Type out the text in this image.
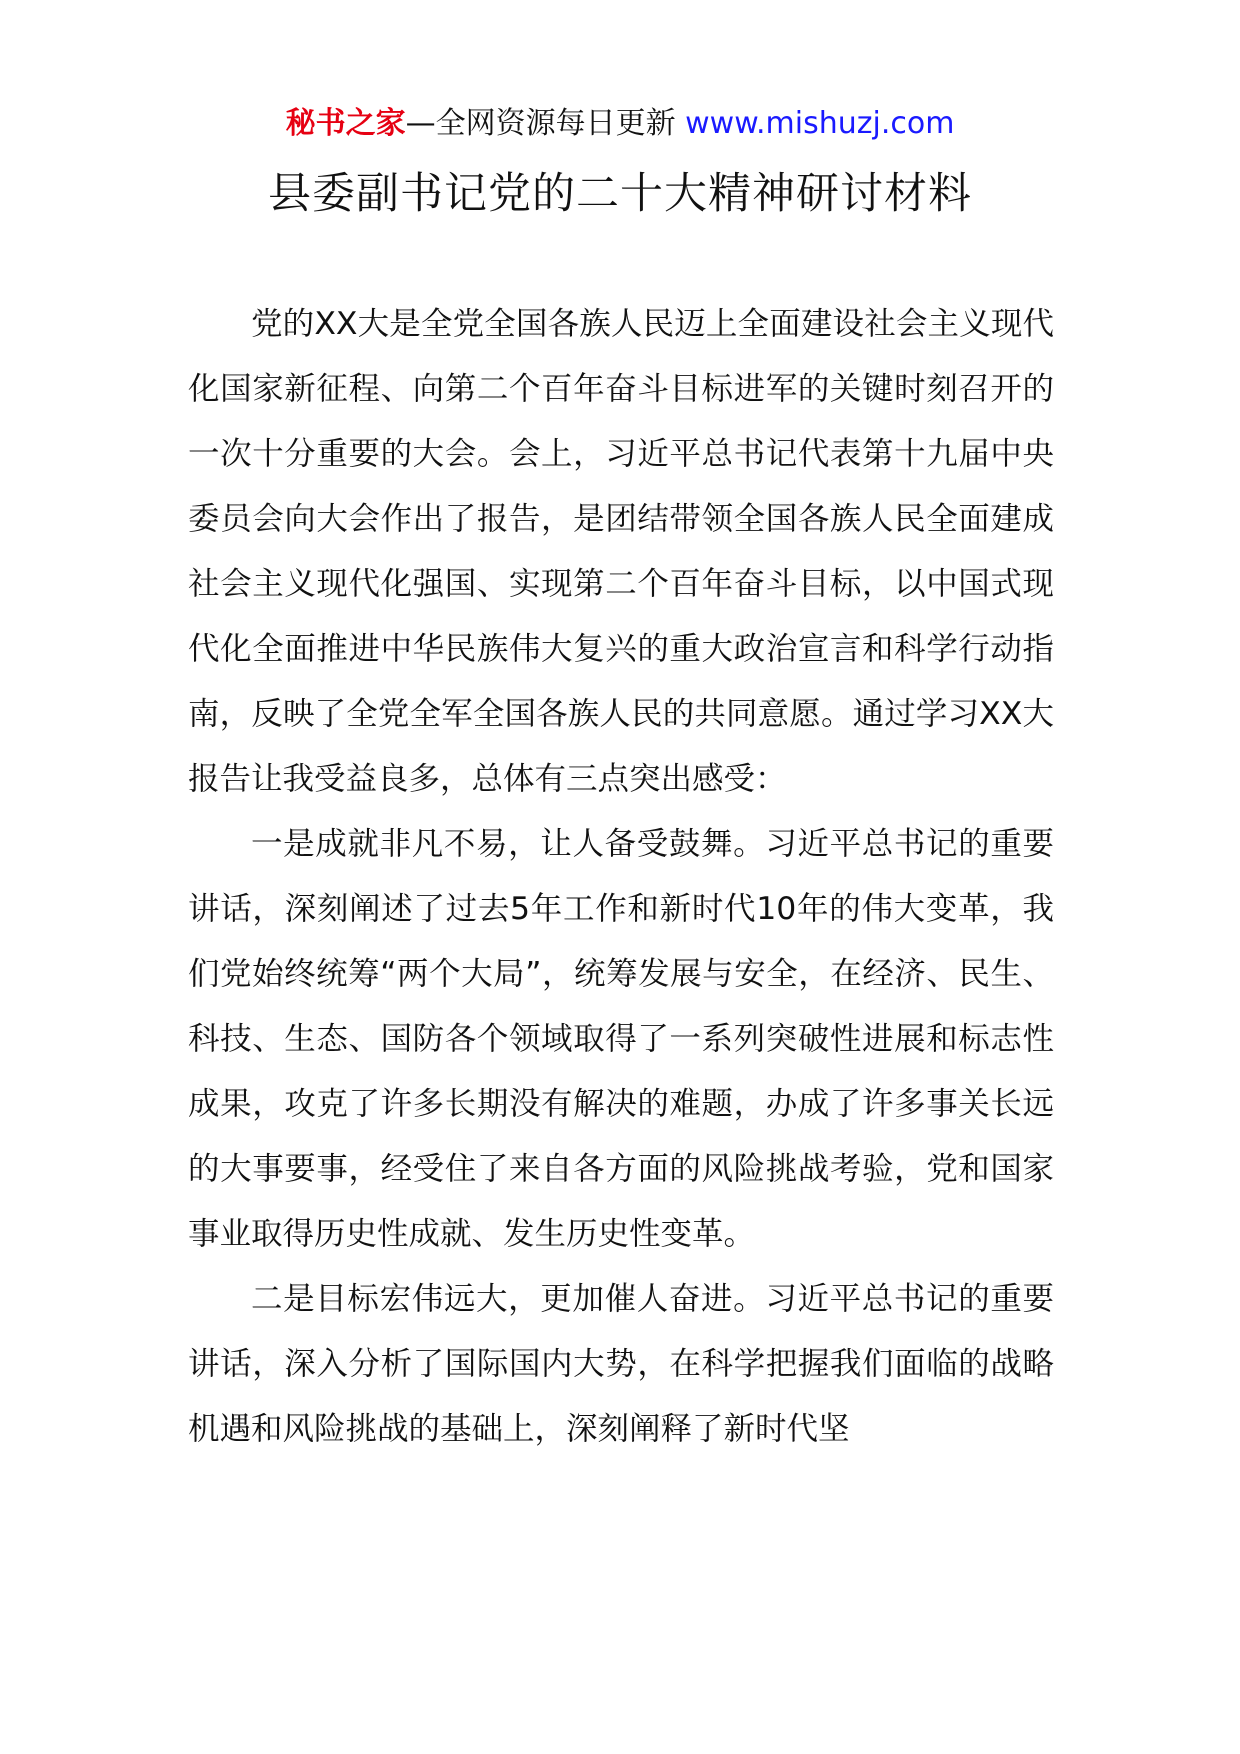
秘书之家—全网资源每日更新 www.mishuzj.com
县委副书记党的二十大精神研讨材料

党的XX大是全党全国各族人民迈上全面建设社会主义现代化国家新征程、向第二个百年奋斗目标进军的关键时刻召开的一次十分重要的大会。会上，习近平总书记代表第十九届中央委员会向大会作出了报告，是团结带领全国各族人民全面建成社会主义现代化强国、实现第二个百年奋斗目标，以中国式现代化全面推进中华民族伟大复兴的重大政治宣言和科学行动指南，反映了全党全军全国各族人民的共同意愿。通过学习XX大报告让我受益良多，总体有三点突出感受：

一是成就非凡不易，让人备受鼓舞。习近平总书记的重要讲话，深刻阐述了过去5年工作和新时代10年的伟大变革，我们党始终统筹“两个大局”，统筹发展与安全，在经济、民生、科技、生态、国防各个领域取得了一系列突破性进展和标志性成果，攻克了许多长期没有解决的难题，办成了许多事关长远的大事要事，经受住了来自各方面的风险挑战考验，党和国家事业取得历史性成就、发生历史性变革。

二是目标宏伟远大，更加催人奋进。习近平总书记的重要讲话，深入分析了国际国内大势，在科学把握我们面临的战略机遇和风险挑战的基础上，深刻阐释了新时代坚
